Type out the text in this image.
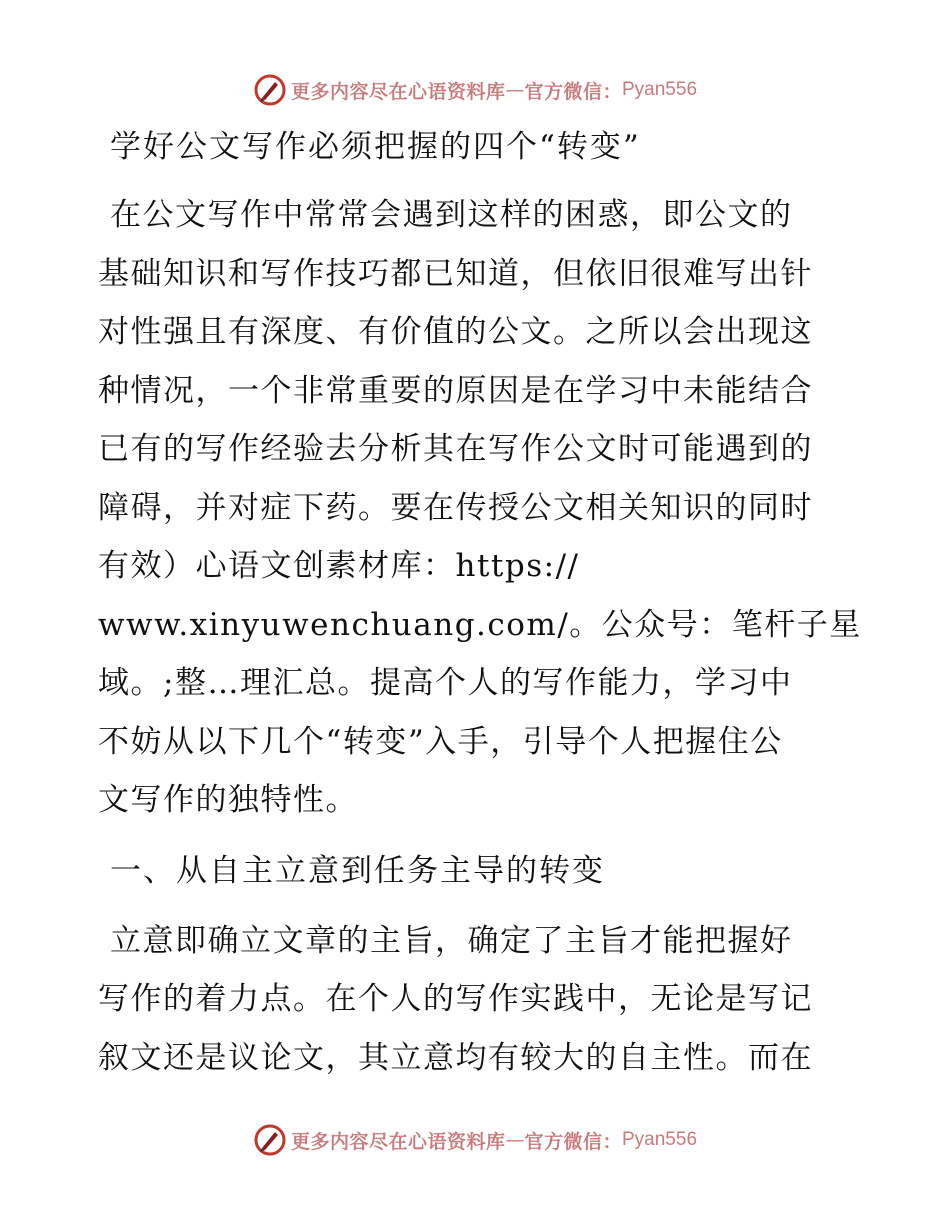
更多内容尽在心语资料库 — 官方微信： Pyan556
学好公文写作必须把握的四个“转变”
在公文写作中常常会遇到这样的困惑，即公文的
基础知识和写作技巧都已知道，但依旧很难写出针
对性强且有深度、有价值的公文。之所以会出现这
种情况，一个非常重要的原因是在学习中未能结合
已有的写作经验去分析其在写作公文时可能遇到的
障碍，并对症下药。要在传授公文相关知识的同时
有效）心语文创素材库：https://
www.xinyuwenchuang.com/。公众号：笔杆子星
域。;整…理汇总。提高个人的写作能力，学习中
不妨从以下几个“转变”入手，引导个人把握住公
文写作的独特性。
一、从自主立意到任务主导的转变
立意即确立文章的主旨，确定了主旨才能把握好
写作的着力点。在个人的写作实践中，无论是写记
叙文还是议论文，其立意均有较大的自主性。而在
更多内容尽在心语资料库 — 官方微信： Pyan556
